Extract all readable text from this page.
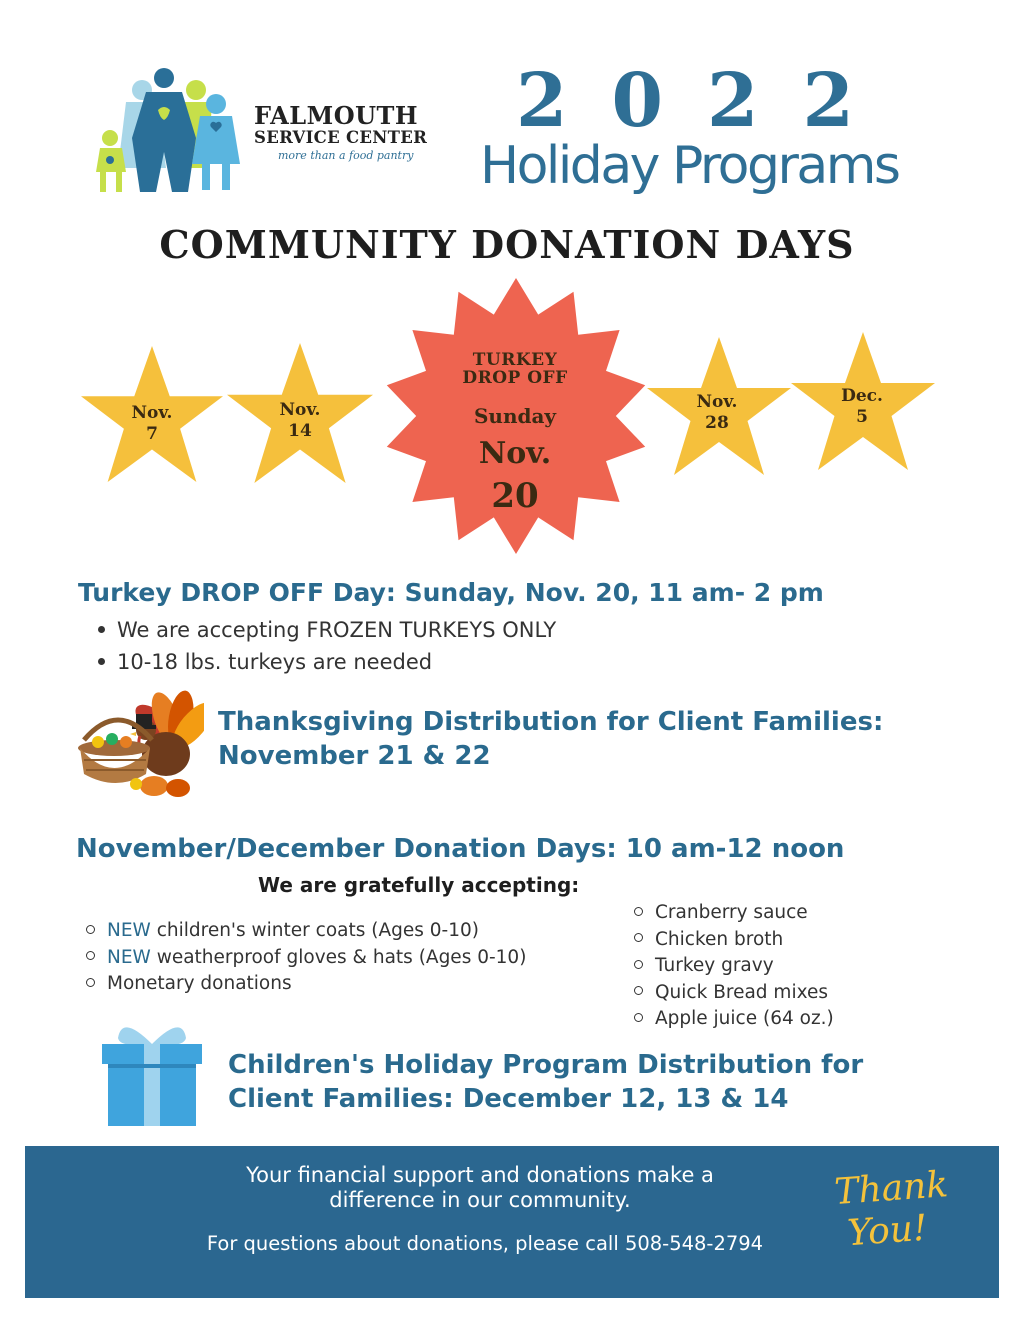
FALMOUTH
SERVICE CENTER
more than a food pantry
2022
Holiday Programs
COMMUNITY DONATION DAYS
Nov.
7
Nov.
14
Nov.
28
Dec.
5
TURKEY
DROP OFF
Sunday
Nov.
20
Turkey DROP OFF Day: Sunday, Nov. 20, 11 am- 2 pm
We are accepting FROZEN TURKEYS ONLY
10-18 lbs. turkeys are needed
Thanksgiving Distribution for Client Families:
November 21 & 22
November/December Donation Days: 10 am-12 noon
We are gratefully accepting:
NEW children's winter coats (Ages 0-10)
NEW weatherproof gloves & hats (Ages 0-10)
Monetary donations
Cranberry sauce
Chicken broth
Turkey gravy
Quick Bread mixes
Apple juice (64 oz.)
Children's Holiday Program Distribution for
Client Families: December 12, 13 & 14
Your financial support and donations make a
difference in our community.
For questions about donations, please call 508-548-2794
Thank
You!
